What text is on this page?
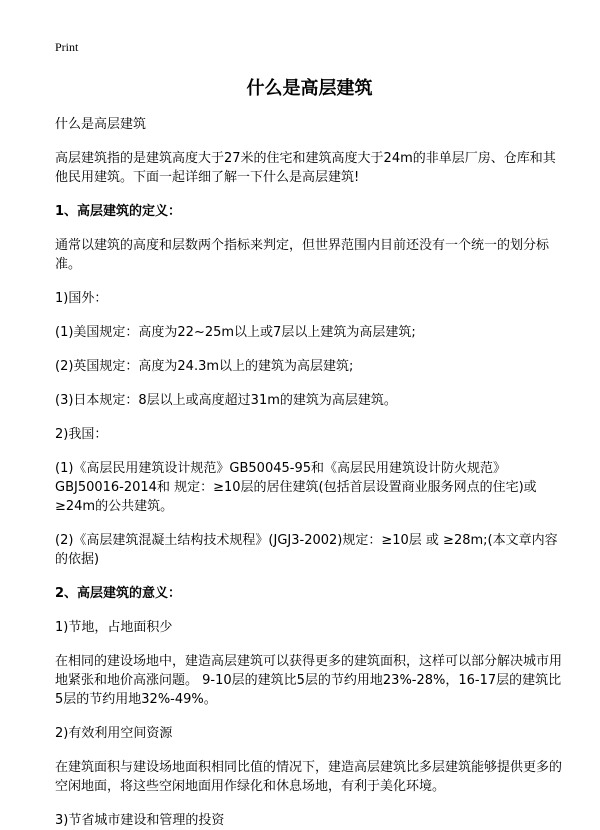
Print
什么是高层建筑
什么是高层建筑
高层建筑指的是建筑高度大于27米的住宅和建筑高度大于24m的非单层厂房、仓库和其他民用建筑。下面一起详细了解一下什么是高层建筑!
1、高层建筑的定义：
通常以建筑的高度和层数两个指标来判定，但世界范围内目前还没有一个统一的划分标准。
1)国外：
(1)美国规定：高度为22~25m以上或7层以上建筑为高层建筑;
(2)英国规定：高度为24.3m以上的建筑为高层建筑;
(3)日本规定：8层以上或高度超过31m的建筑为高层建筑。
2)我国：
(1)《高层民用建筑设计规范》GB50045-95和《高层民用建筑设计防火规范》GBJ50016-2014和 规定：≥10层的居住建筑(包括首层设置商业服务网点的住宅)或≥24m的公共建筑。
(2)《高层建筑混凝土结构技术规程》(JGJ3-2002)规定：≥10层 或 ≥28m;(本文章内容的依据)
2、高层建筑的意义：
1)节地，占地面积少
在相同的建设场地中，建造高层建筑可以获得更多的建筑面积，这样可以部分解决城市用地紧张和地价高涨问题。 9-10层的建筑比5层的节约用地23%-28%，16-17层的建筑比5层的节约用地32%-49%。
2)有效利用空间资源
在建筑面积与建设场地面积相同比值的情况下，建造高层建筑比多层建筑能够提供更多的空闲地面，将这些空闲地面用作绿化和休息场地，有利于美化环境。
3)节省城市建设和管理的投资
